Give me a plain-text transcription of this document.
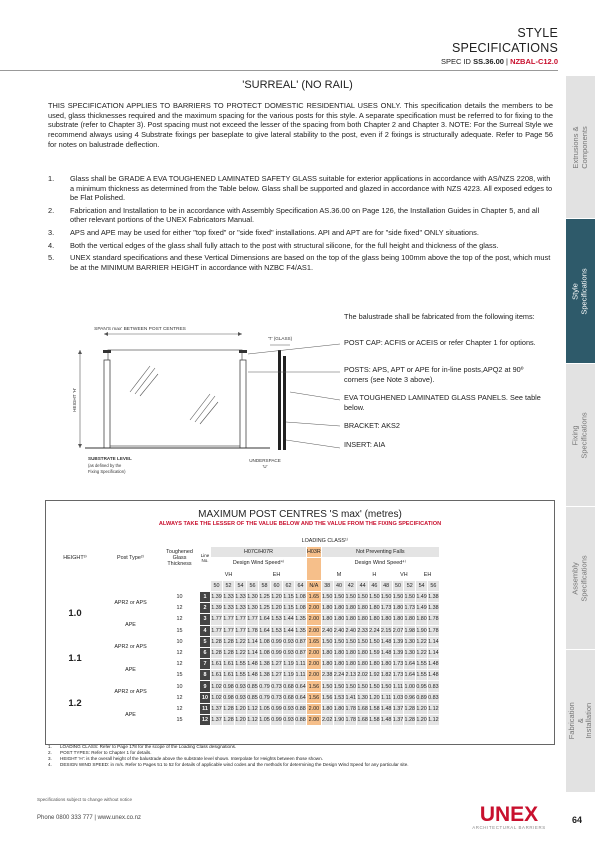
STYLE
SPECIFICATIONS
SPEC ID SS.36.00 | NZBAL-C12.0
Extrusions & Components
Style Specifications
Fixing Specifications
Assembly Specifications
Fabrication & Installation
'SURREAL' (NO RAIL)
THIS SPECIFICATION APPLIES TO BARRIERS TO PROTECT DOMESTIC RESIDENTIAL USES ONLY. This specification details the members to be used, glass thicknesses required and the maximum spacing for the various posts for this style. A separate specification must be referred to for fixing to the substrate (refer to Chapter 3). Post spacing must not exceed the lesser of the spacing from both Chapter 2 and Chapter 3. NOTE: For the Surreal Style we recommend always using 4 Substrate fixings per baseplate to give lateral stability to the post, even if 2 fixings is structurally adequate. Refer to Page 56 for notes on balustrade deflection.
1. Glass shall be GRADE A EVA TOUGHENED LAMINATED SAFETY GLASS suitable for exterior applications in accordance with AS/NZS 2208, with a minimum thickness as determined from the Table below. Glass shall be supported and glazed in accordance with NZS 4223. All exposed edges to be Flat Polished.
2. Fabrication and Installation to be in accordance with Assembly Specification AS.36.00 on Page 126, the Installation Guides in Chapter 5, and all other relevant portions of the UNEX Fabricators Manual.
3. APS and APE may be used for either "top fixed" or "side fixed" installations. API and APT are for "side fixed" ONLY situations.
4. Both the vertical edges of the glass shall fully attach to the post with structural silicone, for the full height and thickness of the glass.
5. UNEX standard specifications and these Vertical Dimensions are based on the top of the glass being 100mm above the top of the post, which must be at the MINIMUM BARRIER HEIGHT in accordance with NZBC F4/AS1.
SPAN'S max' BETWEEN POST CENTRES
HEIGHT 'H'
'T' (GLASS)
SUBSTRATE LEVEL
(as defined by the
Fixing Specification)
UNDERSPACE
'U'
The balustrade shall be fabricated from the following items:
POST CAP: ACFIS or ACEIS or refer Chapter 1 for options.
POSTS: APS, APT or APE for in-line posts,APQ2 at 90º corners (see Note 3 above).
EVA TOUGHENED LAMINATED GLASS PANELS. See table below.
BRACKET: AKS2
INSERT: AIA
MAXIMUM POST CENTRES 'S max' (metres)
ALWAYS TAKE THE LESSER OF THE VALUE BELOW AND THE VALUE FROM THE FIXING SPECIFICATION
HEIGHT³⁾	Post Type²⁾	Toughened Glass Thickness	Line No.	LOADING CLASS¹⁾																		
				H07C/H07R								H03R	Not Preventing Falls									
				Design Wind Speed⁴⁾									Design Wind Speed⁴⁾									
				VH			EH						M			H			VH		EH	
				50	52	54	56	58	60	62	64	N/A	38	40	42	44	46	48	50	52	54	56
1.0	APR2 or APS	10	1	1.39	1.33	1.33	1.30	1.25	1.20	1.15	1.08	1.65	1.50	1.50	1.50	1.50	1.50	1.50	1.50	1.50	1.49	1.38
		12	2	1.39	1.33	1.33	1.30	1.25	1.20	1.15	1.08	2.00	1.80	1.80	1.80	1.80	1.80	1.73	1.80	1.73	1.49	1.38
	APE	12	3	1.77	1.77	1.77	1.77	1.64	1.53	1.44	1.35	2.00	1.80	1.80	1.80	1.80	1.80	1.80	1.80	1.80	1.80	1.78
		15	4	1.77	1.77	1.77	1.78	1.64	1.53	1.44	1.35	2.00	2.40	2.40	2.40	2.33	2.24	2.15	2.07	1.98	1.90	1.78
1.1	APR2 or APS	10	5	1.28	1.28	1.22	1.14	1.08	0.99	0.93	0.87	1.65	1.50	1.50	1.50	1.50	1.50	1.48	1.39	1.30	1.22	1.14
		12	6	1.28	1.28	1.22	1.14	1.08	0.99	0.93	0.87	2.00	1.80	1.80	1.80	1.80	1.59	1.48	1.39	1.30	1.22	1.14
	APE	12	7	1.61	1.61	1.55	1.48	1.38	1.27	1.19	1.11	2.00	1.80	1.80	1.80	1.80	1.80	1.80	1.73	1.64	1.55	1.48
		15	8	1.61	1.61	1.55	1.48	1.38	1.27	1.19	1.11	2.00	2.38	2.24	2.13	2.02	1.92	1.82	1.73	1.64	1.55	1.48
1.2	APR2 or APS	10	9	1.02	0.98	0.93	0.85	0.79	0.73	0.68	0.64	1.56	1.50	1.50	1.50	1.50	1.50	1.50	1.11	1.00	0.95	0.83
		12	10	1.02	0.98	0.93	0.85	0.79	0.73	0.68	0.64	1.56	1.56	1.53	1.41	1.30	1.20	1.11	1.03	0.96	0.89	0.83
	APE	12	11	1.37	1.28	1.20	1.12	1.05	0.99	0.93	0.88	2.00	1.80	1.80	1.78	1.68	1.58	1.48	1.37	1.28	1.20	1.12
		15	12	1.37	1.28	1.20	1.12	1.05	0.99	0.93	0.88	2.00	2.02	1.90	1.78	1.68	1.58	1.48	1.37	1.28	1.20	1.12
1. LOADING CLASS: Refer to Page 178 for the scope of the Loading Class designations.
2. POST TYPES: Refer to Chapter 1 for details.
3. HEIGHT 'H': is the overall height of the balustrade above the substrate level shown. Interpolate for Heights between those shown.
4. DESIGN WIND SPEED: in m/s. Refer to Pages 51 to 52 for details of applicable wind codes and the methods for determining the Design Wind Speed for any particular site.
Specifications subject to change without notice
Phone 0800 333 777 | www.unex.co.nz	UNEX
ARCHITECTURAL BARRIERS
64
